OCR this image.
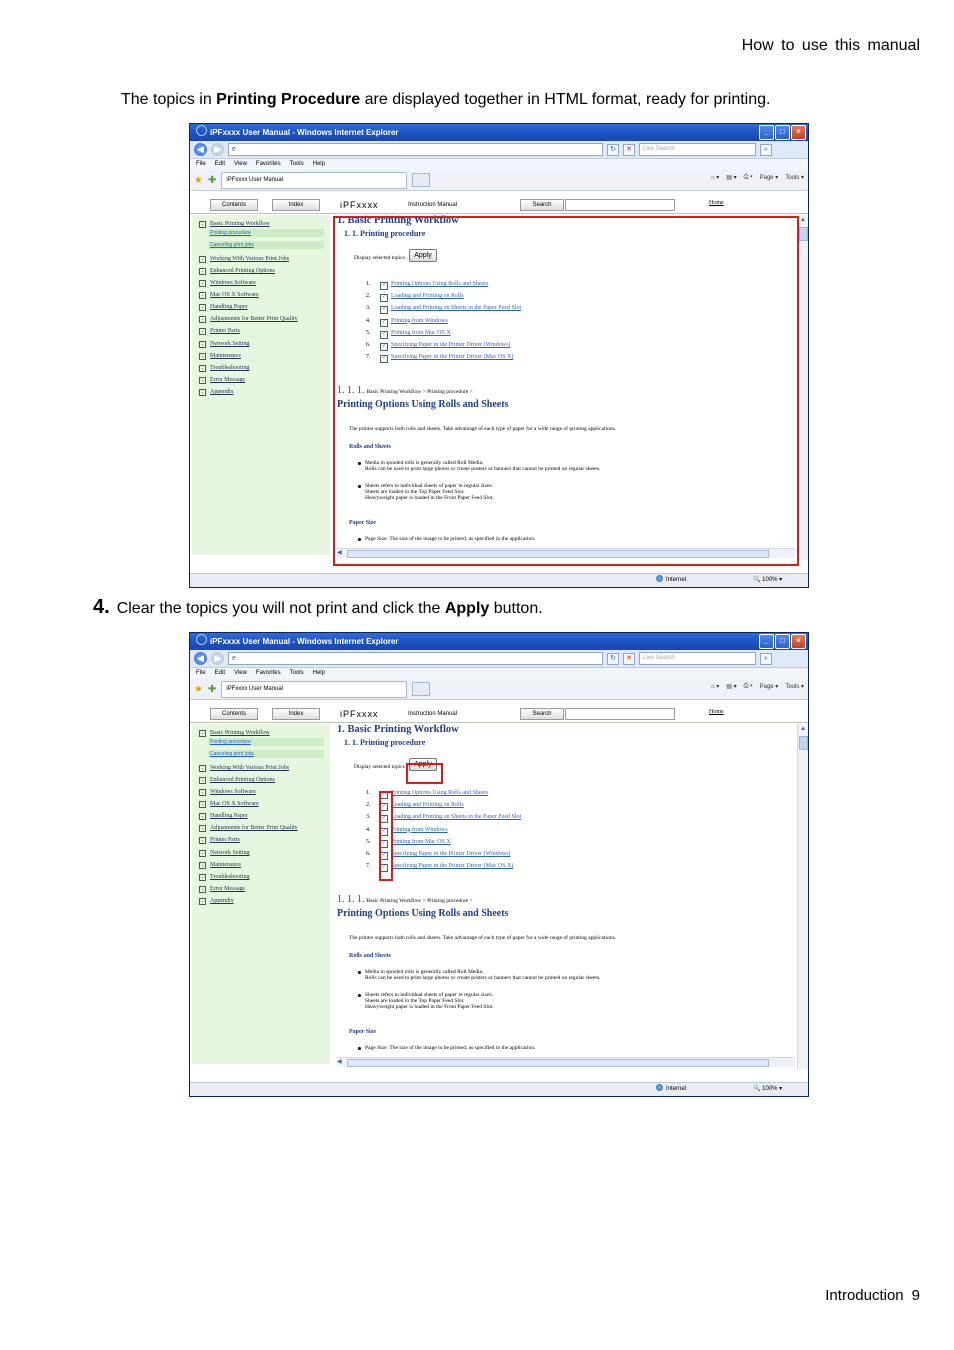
How to use this manual
The topics in Printing Procedure are displayed together in HTML format, ready for printing.
4. Clear the topics you will not print and click the Apply button.
Introduction 9
iPFxxxx User Manual - Windows Internet Explorer	_	□	×
◀	▶	e	↻	✕	Live Search	⌕
File Edit View Favorites Tools Help
★ ✚	iPFxxxx User Manual	⌂ ▾ ▤ ▾ ⎙ ▾ Page ▾ Tools ▾
Contents	Index	iPFxxxx	Instruction Manual	Search	Home
+ Basic Printing Workflow
+ Working With Various Print Jobs
+ Enhanced Printing Options
+ Windows Software
+ Mac OS X Software
+ Handling Paper
+ Adjustments for Better Print Quality
+ Printer Parts
+ Network Setting
+ Maintenance
+ Troubleshooting
+ Error Message
+ Appendix
Printing procedure
Canceling print jobs
1. Basic Printing Workflow
1. 1. Printing procedure
Display selected topics	Apply
1. ✓ Printing Options Using Rolls and Sheets
2. ✓ Loading and Printing on Rolls
3. ✓ Loading and Printing on Sheets in the Paper Feed Slot
4. ✓ Printing from Windows
5. ✓ Printing from Mac OS X
6. ✓ Specifying Paper in the Printer Driver (Windows)
7. ✓ Specifying Paper in the Printer Driver (Mac OS X)
1. 1. 1. Basic Printing Workflow > Printing procedure >
Printing Options Using Rolls and Sheets
The printer supports both rolls and sheets. Take advantage of each type of paper for a wide range of printing applications.
Rolls and Sheets
Media in spooled rolls is generally called Roll Media.
Rolls can be used to print large photos or create posters or banners that cannot be printed on regular sheets.
Sheets refers to individual sheets of paper in regular sizes.
Sheets are loaded in the Top Paper Feed Slot.
Heavyweight paper is loaded in the Front Paper Feed Slot.
Paper Size
Page Size: The size of the image to be printed, as specified in the application.
▲
◀
Internet	🔍 100% ▾
iPFxxxx User Manual - Windows Internet Explorer	_	□	×
◀	▶	e	↻	✕	Live Search	⌕
File Edit View Favorites Tools Help
★ ✚	iPFxxxx User Manual	⌂ ▾ ▤ ▾ ⎙ ▾ Page ▾ Tools ▾
Contents	Index	iPFxxxx	Instruction Manual	Search	Home
+ Basic Printing Workflow
+ Working With Various Print Jobs
+ Enhanced Printing Options
+ Windows Software
+ Mac OS X Software
+ Handling Paper
+ Adjustments for Better Print Quality
+ Printer Parts
+ Network Setting
+ Maintenance
+ Troubleshooting
+ Error Message
+ Appendix
Printing procedure
Canceling print jobs
1. Basic Printing Workflow
1. 1. Printing procedure
Display selected topics	Apply
1. ✓ Printing Options Using Rolls and Sheets
2. ✓ Loading and Printing on Rolls
3. ✓ Loading and Printing on Sheets in the Paper Feed Slot
4. ✓ Printing from Windows
5. ✓ Printing from Mac OS X
6. ✓ Specifying Paper in the Printer Driver (Windows)
7. ✓ Specifying Paper in the Printer Driver (Mac OS X)
1. 1. 1. Basic Printing Workflow > Printing procedure >
Printing Options Using Rolls and Sheets
The printer supports both rolls and sheets. Take advantage of each type of paper for a wide range of printing applications.
Rolls and Sheets
Media in spooled rolls is generally called Roll Media.
Rolls can be used to print large photos or create posters or banners that cannot be printed on regular sheets.
Sheets refers to individual sheets of paper in regular sizes.
Sheets are loaded in the Top Paper Feed Slot.
Heavyweight paper is loaded in the Front Paper Feed Slot.
Paper Size
Page Size: The size of the image to be printed, as specified in the application.
▲
◀
Internet	🔍 100% ▾
